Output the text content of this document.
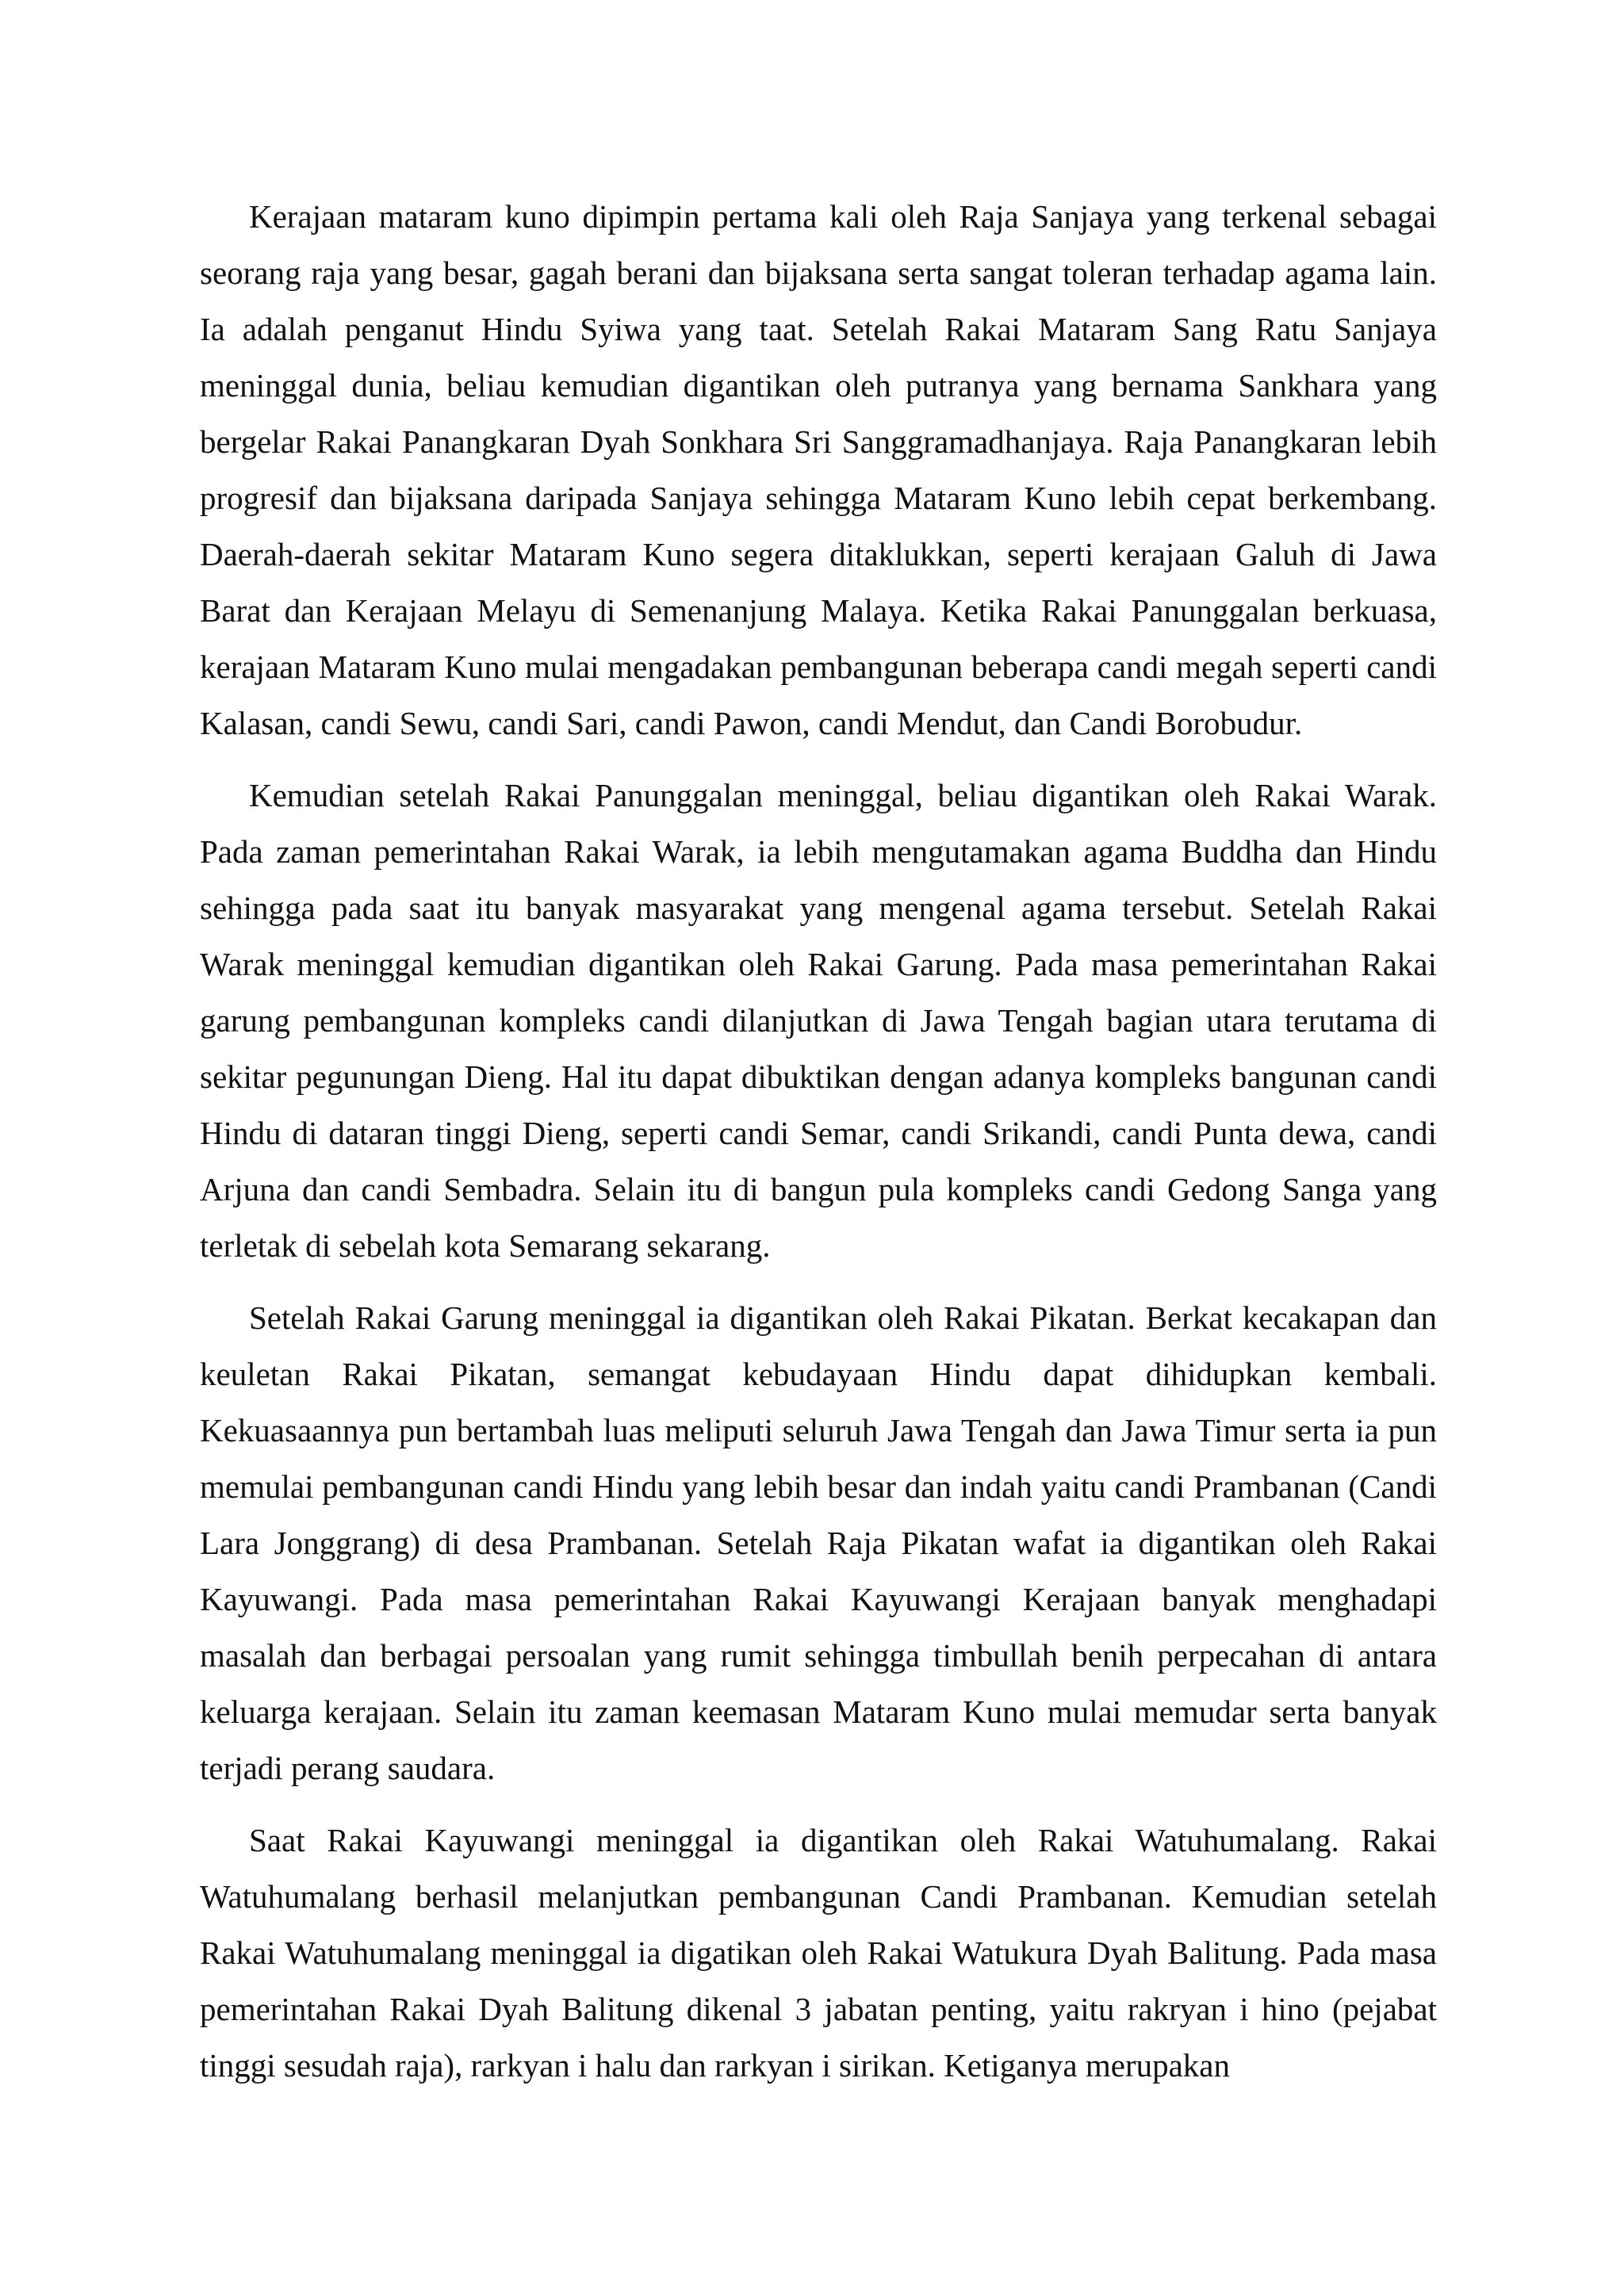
Kerajaan mataram kuno dipimpin pertama kali oleh Raja Sanjaya yang terkenal sebagai seorang raja yang besar, gagah berani dan bijaksana serta sangat toleran terhadap agama lain. Ia adalah penganut Hindu Syiwa yang taat. Setelah Rakai Mataram Sang Ratu Sanjaya meninggal dunia, beliau kemudian digantikan oleh putranya yang bernama Sankhara yang bergelar Rakai Panangkaran Dyah Sonkhara Sri Sanggramadhanjaya. Raja Panangkaran lebih progresif dan bijaksana daripada Sanjaya sehingga Mataram Kuno lebih cepat berkembang. Daerah-daerah sekitar Mataram Kuno segera ditaklukkan, seperti kerajaan Galuh di Jawa Barat dan Kerajaan Melayu di Semenanjung Malaya. Ketika Rakai Panunggalan berkuasa, kerajaan Mataram Kuno mulai mengadakan pembangunan beberapa candi megah seperti candi Kalasan, candi Sewu, candi Sari, candi Pawon, candi Mendut, dan Candi Borobudur.

Kemudian setelah Rakai Panunggalan meninggal, beliau digantikan oleh Rakai Warak. Pada zaman pemerintahan Rakai Warak, ia lebih mengutamakan agama Buddha dan Hindu sehingga pada saat itu banyak masyarakat yang mengenal agama tersebut. Setelah Rakai Warak meninggal kemudian digantikan oleh Rakai Garung. Pada masa pemerintahan Rakai garung pembangunan kompleks candi dilanjutkan di Jawa Tengah bagian utara terutama di sekitar pegunungan Dieng. Hal itu dapat dibuktikan dengan adanya kompleks bangunan candi Hindu di dataran tinggi Dieng, seperti candi Semar, candi Srikandi, candi Punta dewa, candi Arjuna dan candi Sembadra. Selain itu di bangun pula kompleks candi Gedong Sanga yang terletak di sebelah kota Semarang sekarang.

Setelah Rakai Garung meninggal ia digantikan oleh Rakai Pikatan. Berkat kecakapan dan keuletan Rakai Pikatan, semangat kebudayaan Hindu dapat dihidupkan kembali. Kekuasaannya pun bertambah luas meliputi seluruh Jawa Tengah dan Jawa Timur serta ia pun memulai pembangunan candi Hindu yang lebih besar dan indah yaitu candi Prambanan (Candi Lara Jonggrang) di desa Prambanan. Setelah Raja Pikatan wafat ia digantikan oleh Rakai Kayuwangi. Pada masa pemerintahan Rakai Kayuwangi Kerajaan banyak menghadapi masalah dan berbagai persoalan yang rumit sehingga timbullah benih perpecahan di antara keluarga kerajaan. Selain itu zaman keemasan Mataram Kuno mulai memudar serta banyak terjadi perang saudara.

Saat Rakai Kayuwangi meninggal ia digantikan oleh Rakai Watuhumalang. Rakai Watuhumalang berhasil melanjutkan pembangunan Candi Prambanan. Kemudian setelah Rakai Watuhumalang meninggal ia digatikan oleh Rakai Watukura Dyah Balitung. Pada masa pemerintahan Rakai Dyah Balitung dikenal 3 jabatan penting, yaitu rakryan i hino (pejabat tinggi sesudah raja), rarkyan i halu dan rarkyan i sirikan. Ketiganya merupakan
